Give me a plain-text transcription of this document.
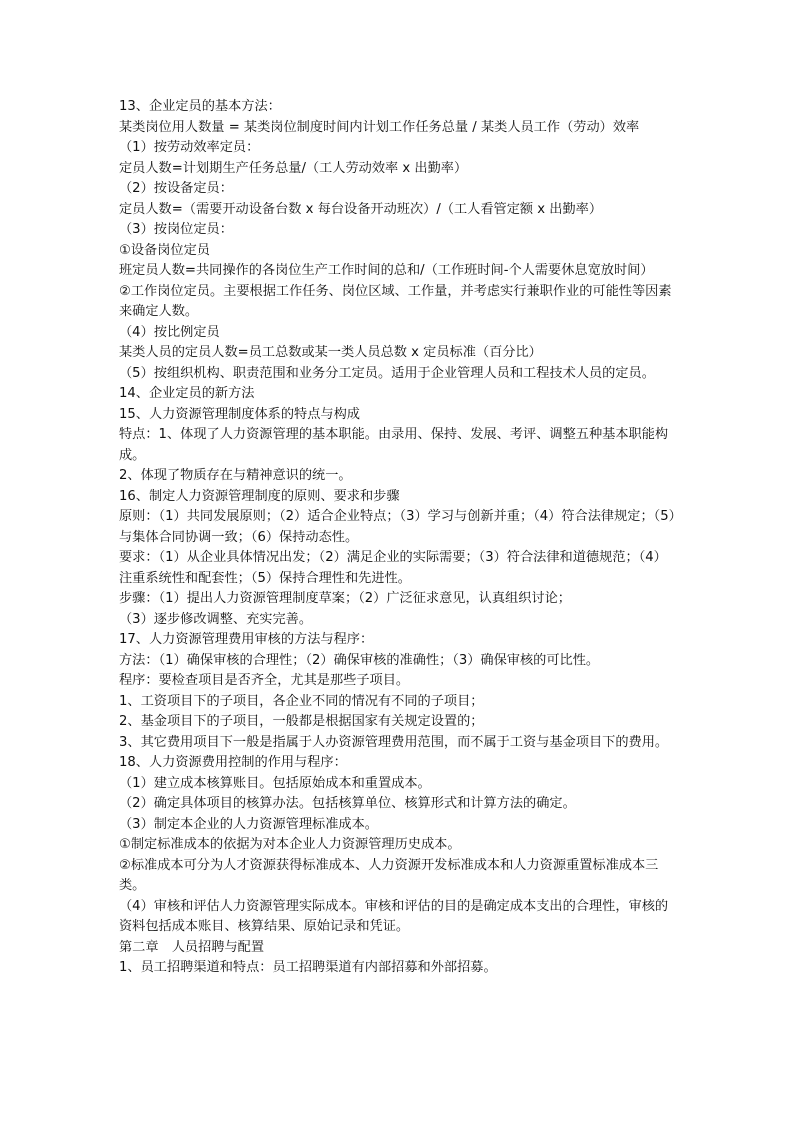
13、企业定员的基本方法：
某类岗位用人数量 = 某类岗位制度时间内计划工作任务总量 / 某类人员工作（劳动）效率
（1）按劳动效率定员：
定员人数=计划期生产任务总量/（工人劳动效率 x 出勤率）
（2）按设备定员：
定员人数=（需要开动设备台数 x 每台设备开动班次）/（工人看管定额 x 出勤率）
（3）按岗位定员：
①设备岗位定员
班定员人数=共同操作的各岗位生产工作时间的总和/（工作班时间-个人需要休息宽放时间）
②工作岗位定员。主要根据工作任务、岗位区域、工作量，并考虑实行兼职作业的可能性等因素来确定人数。
（4）按比例定员
某类人员的定员人数=员工总数或某一类人员总数 x 定员标准（百分比）
（5）按组织机构、职责范围和业务分工定员。适用于企业管理人员和工程技术人员的定员。
14、企业定员的新方法
15、人力资源管理制度体系的特点与构成
特点：1、体现了人力资源管理的基本职能。由录用、保持、发展、考评、调整五种基本职能构成。
2、体现了物质存在与精神意识的统一。
16、制定人力资源管理制度的原则、要求和步骤
原则：（1）共同发展原则；（2）适合企业特点；（3）学习与创新并重；（4）符合法律规定；（5）与集体合同协调一致；（6）保持动态性。
要求：（1）从企业具体情况出发；（2）满足企业的实际需要；（3）符合法律和道德规范；（4）注重系统性和配套性；（5）保持合理性和先进性。
步骤：（1）提出人力资源管理制度草案；（2）广泛征求意见，认真组织讨论；
（3）逐步修改调整、充实完善。
17、人力资源管理费用审核的方法与程序：
方法：（1）确保审核的合理性；（2）确保审核的准确性；（3）确保审核的可比性。
程序：要检查项目是否齐全，尤其是那些子项目。
1、工资项目下的子项目，各企业不同的情况有不同的子项目；
2、基金项目下的子项目，一般都是根据国家有关规定设置的；
3、其它费用项目下一般是指属于人办资源管理费用范围，而不属于工资与基金项目下的费用。
18、人力资源费用控制的作用与程序：
（1）建立成本核算账目。包括原始成本和重置成本。
（2）确定具体项目的核算办法。包括核算单位、核算形式和计算方法的确定。
（3）制定本企业的人力资源管理标准成本。
①制定标准成本的依据为对本企业人力资源管理历史成本。
②标准成本可分为人才资源获得标准成本、人力资源开发标准成本和人力资源重置标准成本三类。
（4）审核和评估人力资源管理实际成本。审核和评估的目的是确定成本支出的合理性，审核的资料包括成本账目、核算结果、原始记录和凭证。
第二章　人员招聘与配置
1、员工招聘渠道和特点：员工招聘渠道有内部招募和外部招募。
